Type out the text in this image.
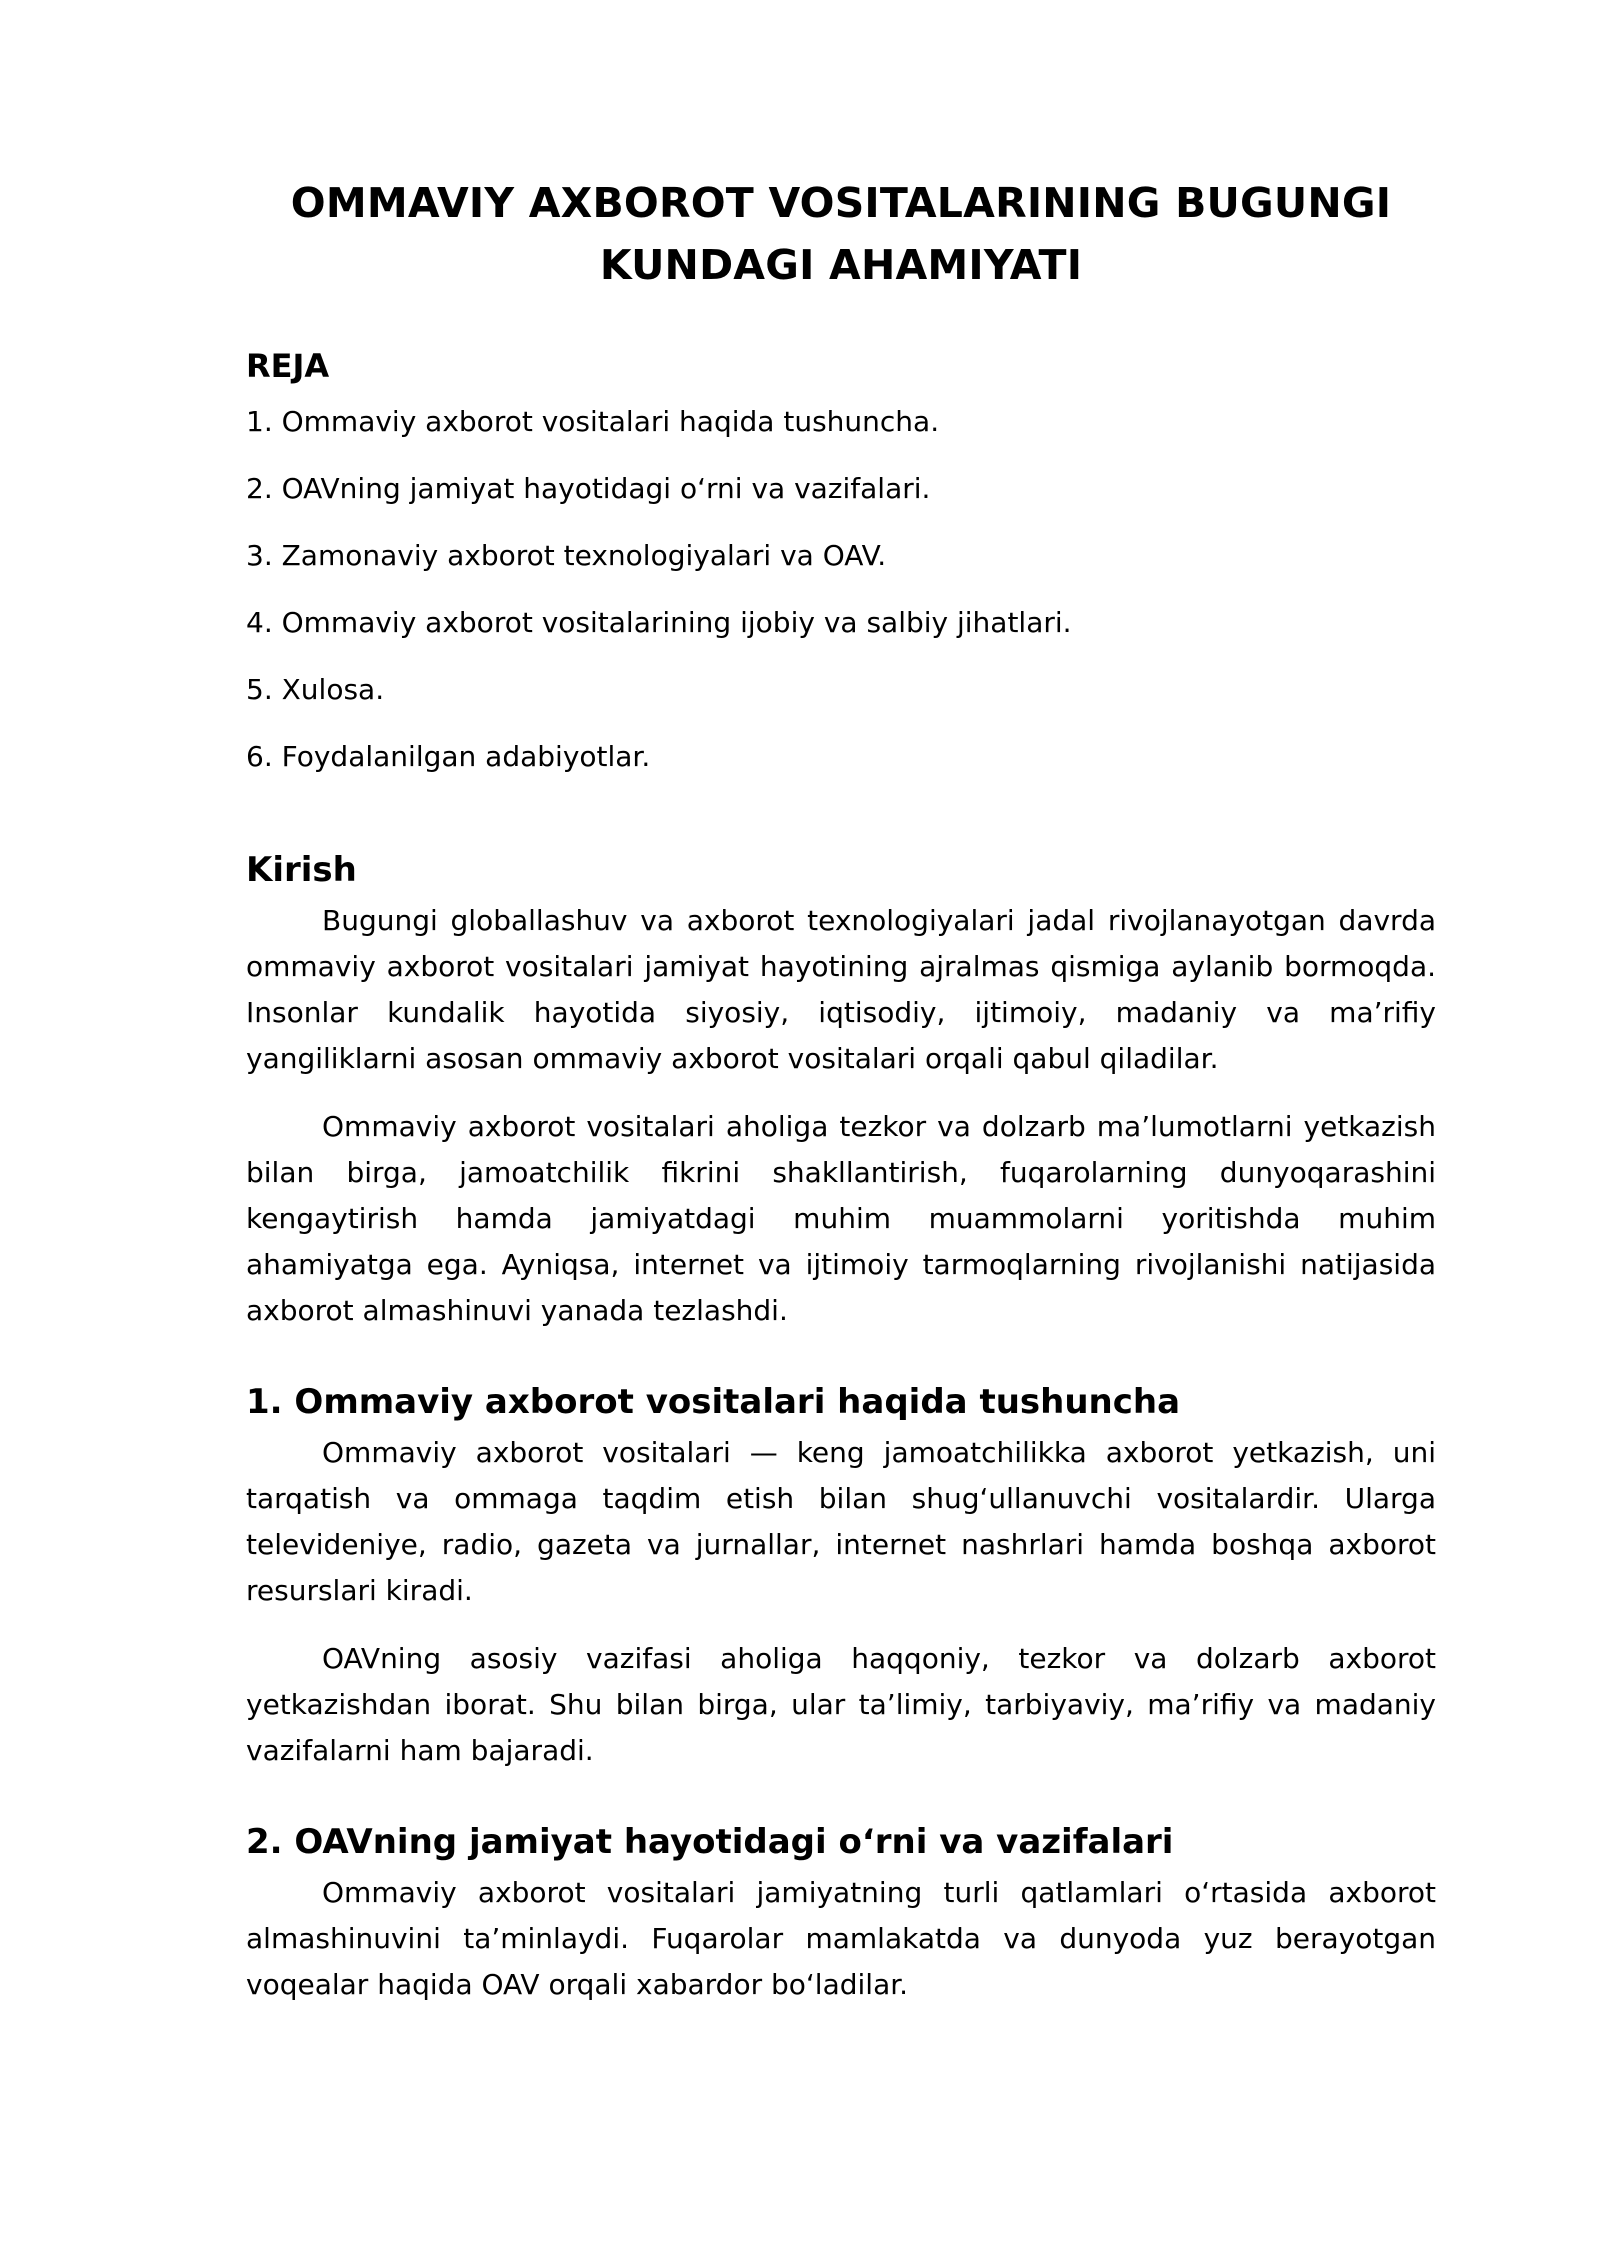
OMMAVIY AXBOROT VOSITALARINING BUGUNGI KUNDAGI AHAMIYATI
REJA
1. Ommaviy axborot vositalari haqida tushuncha.
2. OAVning jamiyat hayotidagi o‘rni va vazifalari.
3. Zamonaviy axborot texnologiyalari va OAV.
4. Ommaviy axborot vositalarining ijobiy va salbiy jihatlari.
5. Xulosa.
6. Foydalanilgan adabiyotlar.
Kirish

Bugungi globallashuv va axborot texnologiyalari jadal rivojlanayotgan davrda ommaviy axborot vositalari jamiyat hayotining ajralmas qismiga aylanib bormoqda. Insonlar kundalik hayotida siyosiy, iqtisodiy, ijtimoiy, madaniy va ma’rifiy yangiliklarni asosan ommaviy axborot vositalari orqali qabul qiladilar.

Ommaviy axborot vositalari aholiga tezkor va dolzarb ma’lumotlarni yetkazish bilan birga, jamoatchilik fikrini shakllantirish, fuqarolarning dunyoqarashini kengaytirish hamda jamiyatdagi muhim muammolarni yoritishda muhim ahamiyatga ega. Ayniqsa, internet va ijtimoiy tarmoqlarning rivojlanishi natijasida axborot almashinuvi yanada tezlashdi.

1. Ommaviy axborot vositalari haqida tushuncha

Ommaviy axborot vositalari — keng jamoatchilikka axborot yetkazish, uni tarqatish va ommaga taqdim etish bilan shug‘ullanuvchi vositalardir. Ularga televideniye, radio, gazeta va jurnallar, internet nashrlari hamda boshqa axborot resurslari kiradi.

OAVning asosiy vazifasi aholiga haqqoniy, tezkor va dolzarb axborot yetkazishdan iborat. Shu bilan birga, ular ta’limiy, tarbiyaviy, ma’rifiy va madaniy vazifalarni ham bajaradi.

2. OAVning jamiyat hayotidagi o‘rni va vazifalari

Ommaviy axborot vositalari jamiyatning turli qatlamlari o‘rtasida axborot almashinuvini ta’minlaydi. Fuqarolar mamlakatda va dunyoda yuz berayotgan voqealar haqida OAV orqali xabardor bo‘ladilar.
